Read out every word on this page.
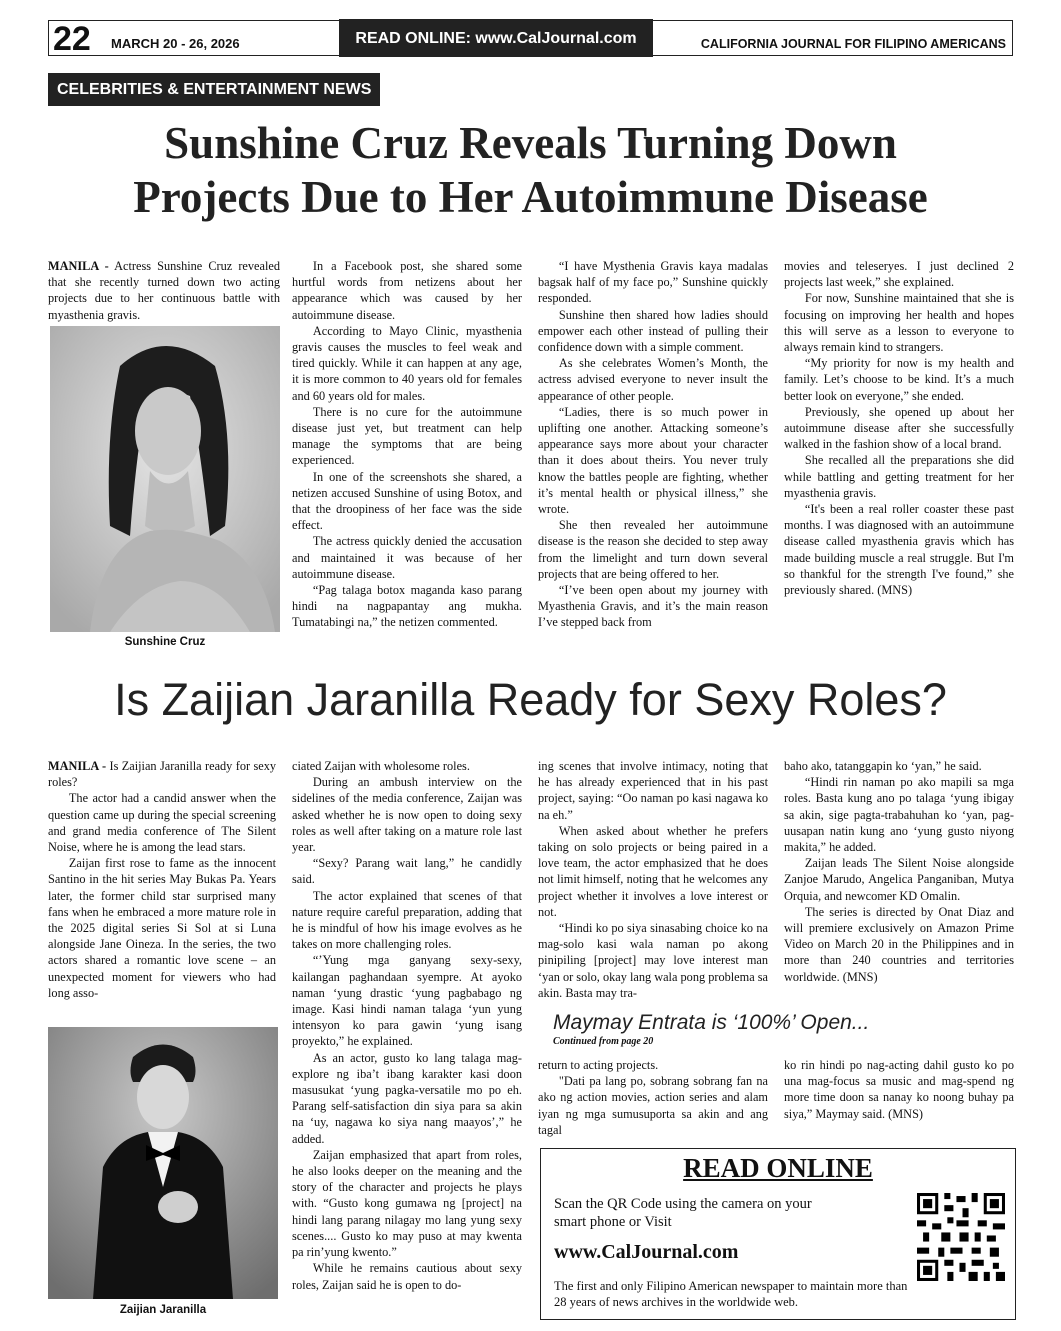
22 MARCH 20 - 26, 2026	READ ONLINE: www.CalJournal.com	CALIFORNIA JOURNAL FOR FILIPINO AMERICANS
CELEBRITIES & ENTERTAINMENT NEWS
Sunshine Cruz Reveals Turning Down
Projects Due to Her Autoimmune Disease

MANILA - Actress Sunshine Cruz revealed that she recently turned down two acting projects due to her continuous battle with myasthenia gravis.

Sunshine Cruz

In a Facebook post, she shared some hurtful words from netizens about her appearance which was caused by her autoimmune disease.

According to Mayo Clinic, myasthenia gravis causes the muscles to feel weak and tired quickly. While it can happen at any age, it is more common to 40 years old for females and 60 years old for males.

There is no cure for the autoimmune disease just yet, but treatment can help manage the symptoms that are being experienced.

In one of the screenshots she shared, a netizen accused Sunshine of using Botox, and that the droopiness of her face was the side effect.

The actress quickly denied the accusation and maintained it was because of her autoimmune disease.

“Pag talaga botox maganda kaso parang hindi na nagpapantay ang mukha. Tumatabingi na,” the netizen commented.

“I have Mysthenia Gravis kaya madalas bagsak half of my face po,” Sunshine quickly responded.

Sunshine then shared how ladies should empower each other instead of pulling their confidence down with a simple comment.

As she celebrates Women’s Month, the actress advised everyone to never insult the appearance of other people.

“Ladies, there is so much power in uplifting one another. Attacking someone’s appearance says more about your character than it does about theirs. You never truly know the battles people are fighting, whether it’s mental health or physical illness,” she wrote.

She then revealed her autoimmune disease is the reason she decided to step away from the limelight and turn down several projects that are being offered to her.

“I’ve been open about my journey with Myasthenia Gravis, and it’s the main reason I’ve stepped back from

movies and teleseryes. I just declined 2 projects last week,” she explained.

For now, Sunshine maintained that she is focusing on improving her health and hopes this will serve as a lesson to everyone to always remain kind to strangers.

“My priority for now is my health and family. Let’s choose to be kind. It’s a much better look on everyone,” she ended.

Previously, she opened up about her autoimmune disease after she successfully walked in the fashion show of a local brand.

She recalled all the preparations she did while battling and getting treatment for her myasthenia gravis.

“It's been a real roller coaster these past months. I was diagnosed with an autoimmune disease called myasthenia gravis which has made building muscle a real struggle. But I'm so thankful for the strength I've found,” she previously shared. (MNS)

Is Zaijian Jaranilla Ready for Sexy Roles?

MANILA - Is Zaijian Jaranilla ready for sexy roles?

The actor had a candid answer when the question came up during the special screening and grand media conference of The Silent Noise, where he is among the lead stars.

Zaijan first rose to fame as the innocent Santino in the hit series May Bukas Pa. Years later, the former child star surprised many fans when he embraced a more mature role in the 2025 digital series Si Sol at si Luna alongside Jane Oineza. In the series, the two actors shared a romantic love scene – an unexpected moment for viewers who had long asso-

Zaijian Jaranilla

ciated Zaijan with wholesome roles.

During an ambush interview on the sidelines of the media conference, Zaijan was asked whether he is now open to doing sexy roles as well after taking on a mature role last year.

“Sexy? Parang wait lang,” he candidly said.

The actor explained that scenes of that nature require careful preparation, adding that he is mindful of how his image evolves as he takes on more challenging roles.

“’Yung mga ganyang sexy-sexy, kailangan paghandaan syempre. At ayoko naman ‘yung drastic ‘yung pagbabago ng image. Kasi hindi naman talaga ‘yun yung intensyon ko para gawin ‘yung isang proyekto,” he explained.

As an actor, gusto ko lang talaga mag-explore ng iba’t ibang karakter kasi doon masusukat ‘yung pagka-versatile mo po eh. Parang self-satisfaction din siya para sa akin na ‘uy, nagawa ko siya nang maayos’,” he added.

Zaijan emphasized that apart from roles, he also looks deeper on the meaning and the story of the character and projects he plays with. “Gusto kong gumawa ng [project] na hindi lang parang nilagay mo lang yung sexy scenes.... Gusto ko may puso at may kwenta pa rin’yung kwento.”

While he remains cautious about sexy roles, Zaijan said he is open to do-

ing scenes that involve intimacy, noting that he has already experienced that in his past project, saying: “Oo naman po kasi nagawa ko na eh.”

When asked about whether he prefers taking on solo projects or being paired in a love team, the actor emphasized that he does not limit himself, noting that he welcomes any project whether it involves a love interest or not.

“Hindi ko po siya sinasabing choice ko na mag-solo kasi wala naman po akong pinipiling [project] may love interest man ‘yan or solo, okay lang wala pong problema sa akin. Basta may tra-

baho ako, tatanggapin ko ‘yan,” he said.

“Hindi rin naman po ako mapili sa mga roles. Basta kung ano po talaga ‘yung ibigay sa akin, sige pagta-trabahuhan ko ‘yan, pag-uusapan natin kung ano ‘yung gusto niyong makita,” he added.

Zaijan leads The Silent Noise alongside Zanjoe Marudo, Angelica Panganiban, Mutya Orquia, and newcomer KD Omalin.

The series is directed by Onat Diaz and will premiere exclusively on Amazon Prime Video on March 20 in the Philippines and in more than 240 countries and territories worldwide. (MNS)

Maymay Entrata is ‘100%’ Open...
Continued from page 20

return to acting projects.

"Dati pa lang po, sobrang sobrang fan na ako ng action movies, action series and alam iyan ng mga sumusuporta sa akin and ang tagal

ko rin hindi po nag-acting dahil gusto ko po una mag-focus sa music and mag-spend ng more time doon sa nanay ko noong buhay pa siya,” Maymay said. (MNS)

READ ONLINE
Scan the QR Code using the camera on your smart phone or Visit
www.CalJournal.com
The first and only Filipino American newspaper to maintain more than 28 years of news archives in the worldwide web.
